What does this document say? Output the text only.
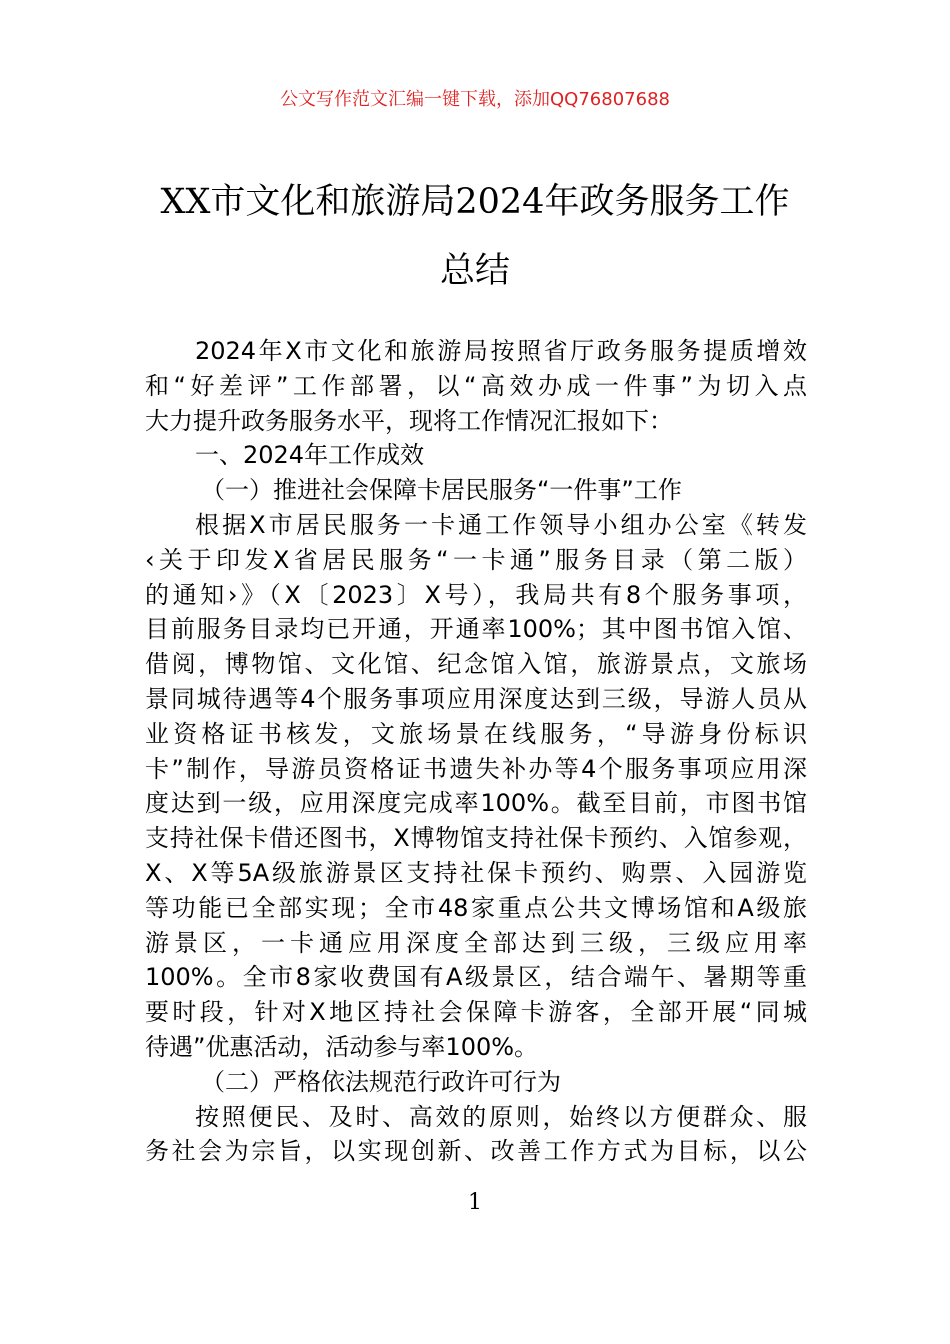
公文写作范文汇编一键下载，添加QQ76807688
XX市文化和旅游局2024年政务服务工作
总结
2024年X市文化和旅游局按照省厅政务服务提质增效
和“好差评”工作部署，以“高效办成一件事”为切入点
大力提升政务服务水平，现将工作情况汇报如下：
一、2024年工作成效
（一）推进社会保障卡居民服务“一件事”工作
根据X市居民服务一卡通工作领导小组办公室《转发
‹关于印发X省居民服务“一卡通”服务目录（第二版）
的通知›》（X〔2023〕X号），我局共有8个服务事项，
目前服务目录均已开通，开通率100%；其中图书馆入馆、
借阅，博物馆、文化馆、纪念馆入馆，旅游景点，文旅场
景同城待遇等4个服务事项应用深度达到三级，导游人员从
业资格证书核发，文旅场景在线服务，“导游身份标识
卡”制作，导游员资格证书遗失补办等4个服务事项应用深
度达到一级，应用深度完成率100%。截至目前，市图书馆
支持社保卡借还图书，X博物馆支持社保卡预约、入馆参观，
X、X等5A级旅游景区支持社保卡预约、购票、入园游览
等功能已全部实现；全市48家重点公共文博场馆和A级旅
游景区，一卡通应用深度全部达到三级，三级应用率
100%。全市8家收费国有A级景区，结合端午、暑期等重
要时段，针对X地区持社会保障卡游客，全部开展“同城
待遇”优惠活动，活动参与率100%。
（二）严格依法规范行政许可行为
按照便民、及时、高效的原则，始终以方便群众、服
务社会为宗旨，以实现创新、改善工作方式为目标，以公
1
